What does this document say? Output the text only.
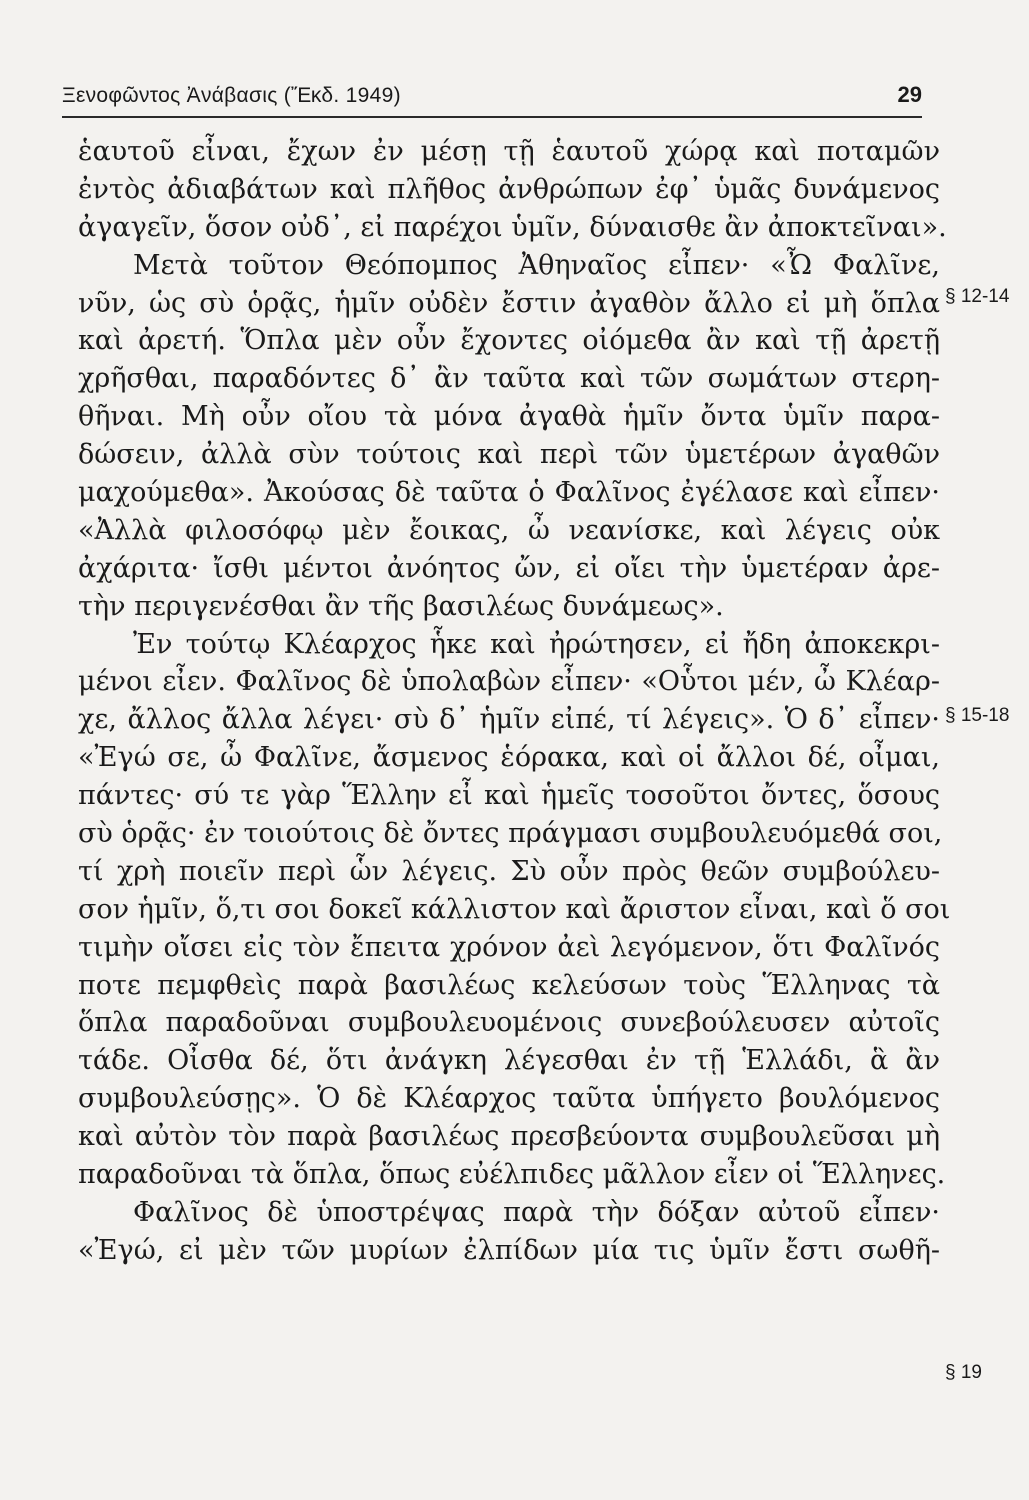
Ξενοφῶντος Ἀνάβασις (Ἔκδ. 1949)	29
ἑαυτοῦ εἶναι, ἔχων ἐν μέσῃ τῇ ἑαυτοῦ χώρᾳ καὶ ποταμῶν
ἐντὸς ἀδιαβάτων καὶ πλῆθος ἀνθρώπων ἐφ᾽ ὑμᾶς δυνάμενος
ἀγαγεῖν, ὅσον οὐδ᾽, εἰ παρέχοι ὑμῖν, δύναισθε ἂν ἀποκτεῖναι».
Μετὰ τοῦτον Θεόπομπος Ἀθηναῖος εἶπεν· «Ὦ Φαλῖνε,
νῦν, ὡς σὺ ὁρᾷς, ἡμῖν οὐδὲν ἔστιν ἀγαθὸν ἄλλο εἰ μὴ ὅπλα
καὶ ἀρετή. Ὅπλα μὲν οὖν ἔχοντες οἰόμεθα ἂν καὶ τῇ ἀρετῇ
χρῆσθαι, παραδόντες δ᾽ ἂν ταῦτα καὶ τῶν σωμάτων στερη-
θῆναι. Μὴ οὖν οἴου τὰ μόνα ἀγαθὰ ἡμῖν ὄντα ὑμῖν παρα-
δώσειν, ἀλλὰ σὺν τούτοις καὶ περὶ τῶν ὑμετέρων ἀγαθῶν
μαχούμεθα». Ἀκούσας δὲ ταῦτα ὁ Φαλῖνος ἐγέλασε καὶ εἶπεν·
«Ἀλλὰ φιλοσόφῳ μὲν ἔοικας, ὦ νεανίσκε, καὶ λέγεις οὐκ
ἀχάριτα· ἴσθι μέντοι ἀνόητος ὤν, εἰ οἴει τὴν ὑμετέραν ἀρε-
τὴν περιγενέσθαι ἂν τῆς βασιλέως δυνάμεως».
Ἐν τούτῳ Κλέαρχος ἧκε καὶ ἠρώτησεν, εἰ ἤδη ἀποκεκρι-
μένοι εἶεν. Φαλῖνος δὲ ὑπολαβὼν εἶπεν· «Οὗτοι μέν, ὦ Κλέαρ-
χε, ἄλλος ἄλλα λέγει· σὺ δ᾽ ἡμῖν εἰπέ, τί λέγεις». Ὁ δ᾽ εἶπεν·
«Ἐγώ σε, ὦ Φαλῖνε, ἄσμενος ἑόρακα, καὶ οἱ ἄλλοι δέ, οἶμαι,
πάντες· σύ τε γὰρ Ἕλλην εἶ καὶ ἡμεῖς τοσοῦτοι ὄντες, ὅσους
σὺ ὁρᾷς· ἐν τοιούτοις δὲ ὄντες πράγμασι συμβουλευόμεθά σοι,
τί χρὴ ποιεῖν περὶ ὧν λέγεις. Σὺ οὖν πρὸς θεῶν συμβούλευ-
σον ἡμῖν, ὅ,τι σοι δοκεῖ κάλλιστον καὶ ἄριστον εἶναι, καὶ ὅ σοι
τιμὴν οἴσει εἰς τὸν ἔπειτα χρόνον ἀεὶ λεγόμενον, ὅτι Φαλῖνός
ποτε πεμφθεὶς παρὰ βασιλέως κελεύσων τοὺς Ἕλληνας τὰ
ὅπλα παραδοῦναι συμβουλευομένοις συνεβούλευσεν αὐτοῖς
τάδε. Οἶσθα δέ, ὅτι ἀνάγκη λέγεσθαι ἐν τῇ Ἑλλάδι, ἃ ἂν
συμβουλεύσῃς». Ὁ δὲ Κλέαρχος ταῦτα ὑπήγετο βουλόμενος
καὶ αὐτὸν τὸν παρὰ βασιλέως πρεσβεύοντα συμβουλεῦσαι μὴ
παραδοῦναι τὰ ὅπλα, ὅπως εὐέλπιδες μᾶλλον εἶεν οἱ Ἕλληνες.
Φαλῖνος δὲ ὑποστρέψας παρὰ τὴν δόξαν αὐτοῦ εἶπεν·
«Ἐγώ, εἰ μὲν τῶν μυρίων ἐλπίδων μία τις ὑμῖν ἔστι σωθῆ-
§ 12-14
§ 15-18
§ 19
